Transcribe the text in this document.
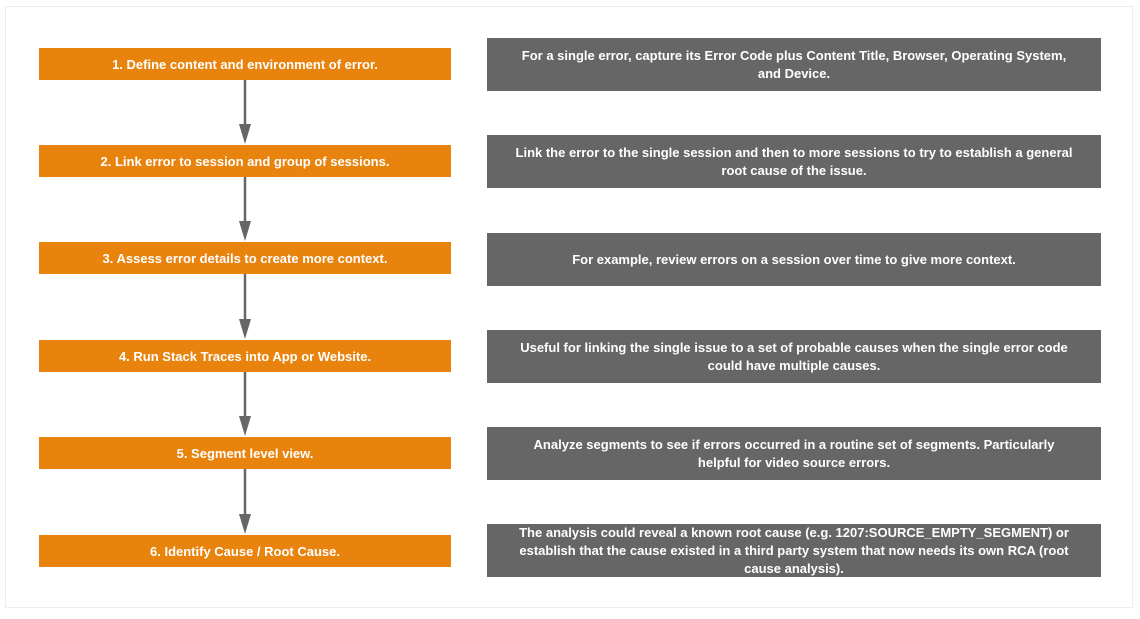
1. Define content and environment of error.
2. Link error to session and group of sessions.
3. Assess error details to create more context.
4. Run Stack Traces into App or Website.
5. Segment level view.
6. Identify Cause / Root Cause.
For a single error, capture its Error Code plus Content Title, Browser, Operating System, and Device.
Link the error to the single session and then to more sessions to try to establish a general root cause of the issue.
For example, review errors on a session over time to give more context.
Useful for linking the single issue to a set of probable causes when the single error code could have multiple causes.
Analyze segments to see if errors occurred in a routine set of segments. Particularly helpful for video source errors.
The analysis could reveal a known root cause (e.g. 1207:SOURCE_EMPTY_SEGMENT) or establish that the cause existed in a third party system that now needs its own RCA (root cause analysis).
